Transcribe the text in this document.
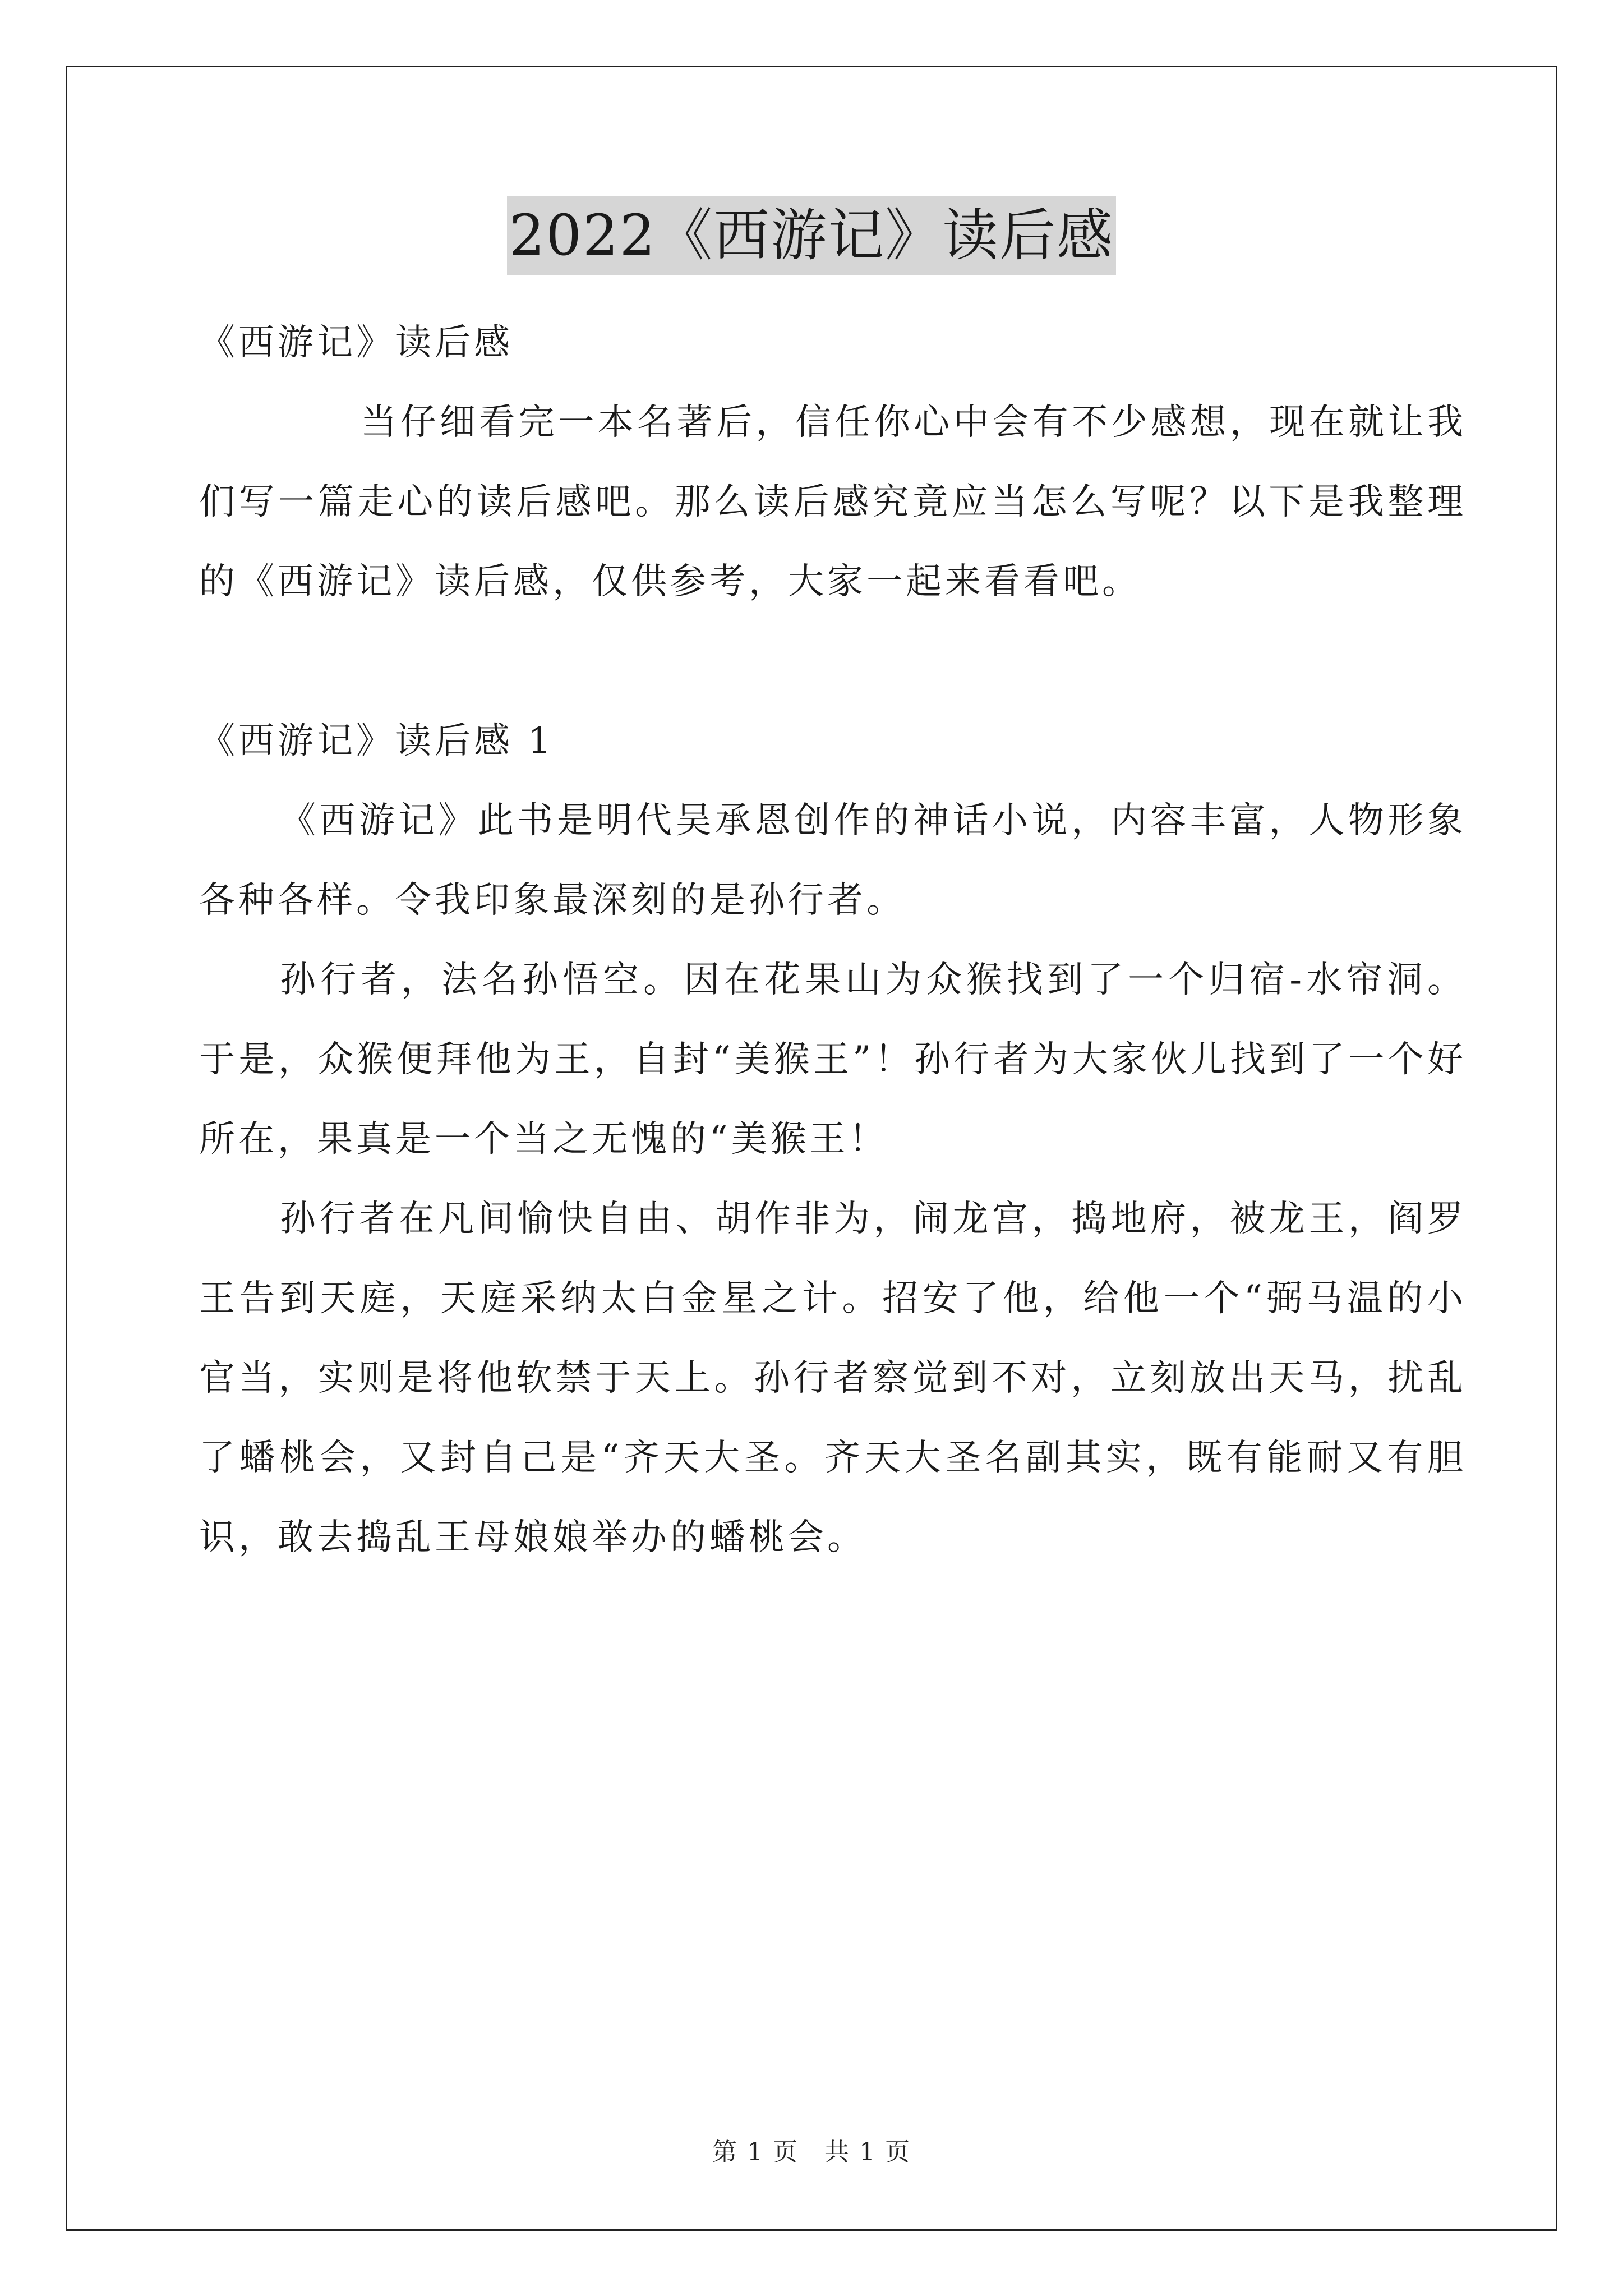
2022《西游记》读后感

《西游记》读后感

当仔细看完一本名著后，信任你心中会有不少感想，现在就让我们写一篇走心的读后感吧。那么读后感究竟应当怎么写呢？以下是我整理的《西游记》读后感，仅供参考，大家一起来看看吧。

《西游记》读后感 1

《西游记》此书是明代吴承恩创作的神话小说，内容丰富，人物形象各种各样。令我印象最深刻的是孙行者。

孙行者，法名孙悟空。因在花果山为众猴找到了一个归宿-水帘洞。于是，众猴便拜他为王，自封“美猴王”！孙行者为大家伙儿找到了一个好所在，果真是一个当之无愧的“美猴王！

孙行者在凡间愉快自由、胡作非为，闹龙宫，捣地府，被龙王，阎罗王告到天庭，天庭采纳太白金星之计。招安了他，给他一个“弼马温的小官当，实则是将他软禁于天上。孙行者察觉到不对，立刻放出天马，扰乱了蟠桃会，又封自己是“齐天大圣。齐天大圣名副其实，既有能耐又有胆识，敢去捣乱王母娘娘举办的蟠桃会。

第 1 页　共 1 页
